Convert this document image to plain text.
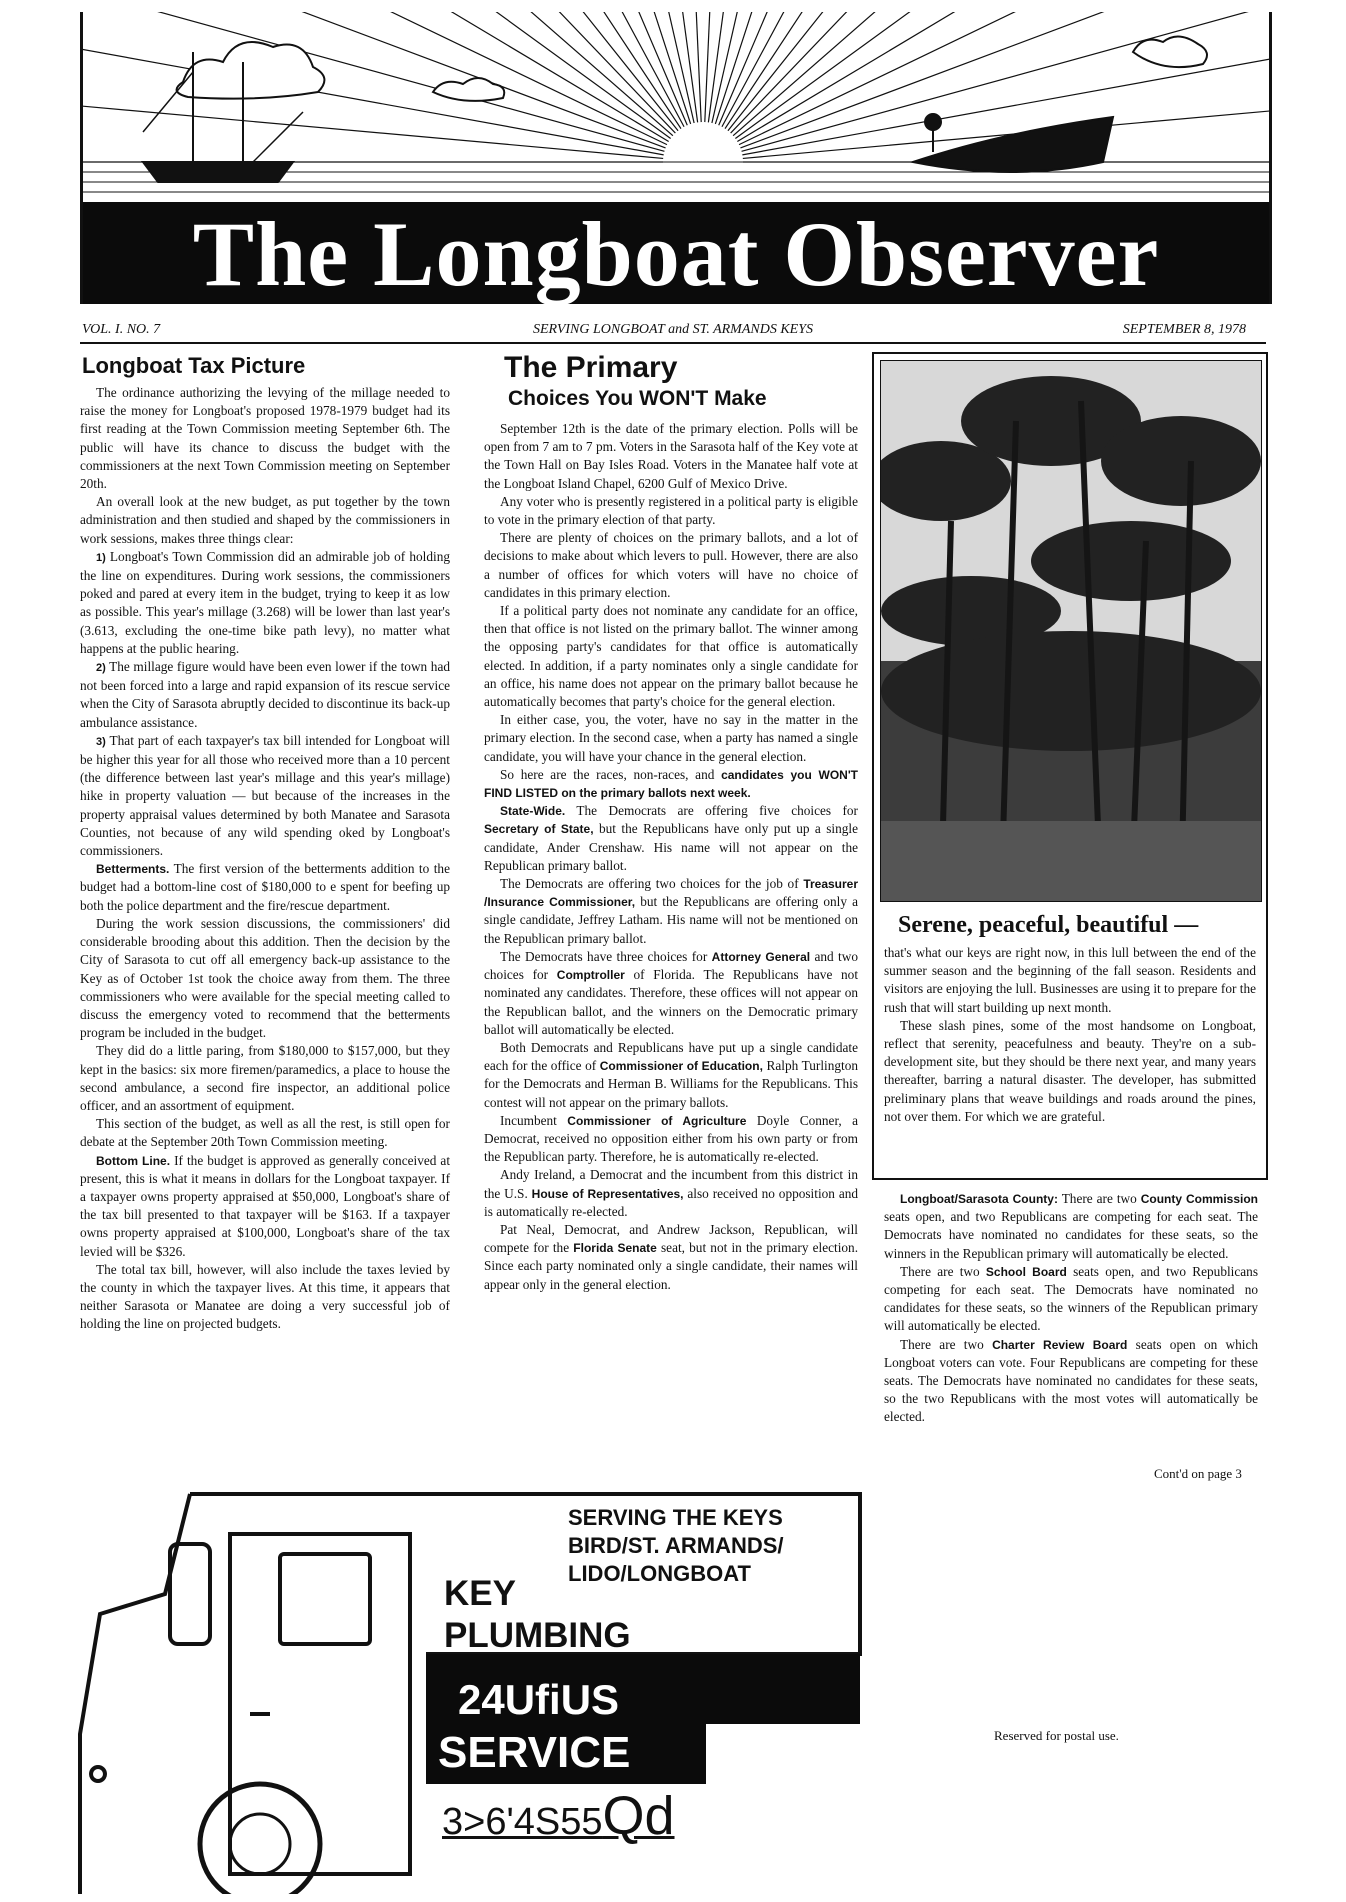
The Longboat Observer
VOL. I. NO. 7	SERVING LONGBOAT and ST. ARMANDS KEYS	SEPTEMBER 8, 1978
Longboat Tax Picture

The ordinance authorizing the levying of the millage needed to raise the money for Longboat's proposed 1978-1979 budget had its first reading at the Town Commission meeting September 6th. The public will have its chance to discuss the budget with the commissioners at the next Town Commission meeting on September 20th.

An overall look at the new budget, as put together by the town administration and then studied and shaped by the commissioners in work sessions, makes three things clear:

1) Longboat's Town Commission did an admirable job of holding the line on expenditures. During work sessions, the commissioners poked and pared at every item in the budget, trying to keep it as low as possible. This year's millage (3.268) will be lower than last year's (3.613, excluding the one-time bike path levy), no matter what happens at the public hearing.

2) The millage figure would have been even lower if the town had not been forced into a large and rapid expansion of its rescue service when the City of Sarasota abruptly decided to discontinue its back-up ambulance assistance.

3) That part of each taxpayer's tax bill intended for Longboat will be higher this year for all those who received more than a 10 percent (the difference between last year's millage and this year's millage) hike in property valuation — but because of the increases in the property appraisal values determined by both Manatee and Sarasota Counties, not because of any wild spending oked by Longboat's commissioners.

Betterments. The first version of the betterments addition to the budget had a bottom-line cost of $180,000 to e spent for beefing up both the police department and the fire/rescue department.

During the work session discussions, the commissioners' did considerable brooding about this addition. Then the decision by the City of Sarasota to cut off all emergency back-up assistance to the Key as of October 1st took the choice away from them. The three commissioners who were available for the special meeting called to discuss the emergency voted to recommend that the betterments program be included in the budget.

They did do a little paring, from $180,000 to $157,000, but they kept in the basics: six more firemen/paramedics, a place to house the second ambulance, a second fire inspector, an additional police officer, and an assortment of equipment.

This section of the budget, as well as all the rest, is still open for debate at the September 20th Town Commission meeting.

Bottom Line. If the budget is approved as generally conceived at present, this is what it means in dollars for the Longboat taxpayer. If a taxpayer owns property appraised at $50,000, Longboat's share of the tax bill presented to that taxpayer will be $163. If a taxpayer owns property appraised at $100,000, Longboat's share of the tax levied will be $326.

The total tax bill, however, will also include the taxes levied by the county in which the taxpayer lives. At this time, it appears that neither Sarasota or Manatee are doing a very successful job of holding the line on projected budgets.

The Primary
Choices You WON'T Make

September 12th is the date of the primary election. Polls will be open from 7 am to 7 pm. Voters in the Sarasota half of the Key vote at the Town Hall on Bay Isles Road. Voters in the Manatee half vote at the Longboat Island Chapel, 6200 Gulf of Mexico Drive.

Any voter who is presently registered in a political party is eligible to vote in the primary election of that party.

There are plenty of choices on the primary ballots, and a lot of decisions to make about which levers to pull. However, there are also a number of offices for which voters will have no choice of candidates in this primary election.

If a political party does not nominate any candidate for an office, then that office is not listed on the primary ballot. The winner among the opposing party's candidates for that office is automatically elected. In addition, if a party nominates only a single candidate for an office, his name does not appear on the primary ballot because he automatically becomes that party's choice for the general election.

In either case, you, the voter, have no say in the matter in the primary election. In the second case, when a party has named a single candidate, you will have your chance in the general election.

So here are the races, non-races, and candidates you WON'T FIND LISTED on the primary ballots next week.

State-Wide. The Democrats are offering five choices for Secretary of State, but the Republicans have only put up a single candidate, Ander Crenshaw. His name will not appear on the Republican primary ballot.

The Democrats are offering two choices for the job of Treasurer /Insurance Commissioner, but the Republicans are offering only a single candidate, Jeffrey Latham. His name will not be mentioned on the Republican primary ballot.

The Democrats have three choices for Attorney General and two choices for Comptroller of Florida. The Republicans have not nominated any candidates. Therefore, these offices will not appear on the Republican ballot, and the winners on the Democratic primary ballot will automatically be elected.

Both Democrats and Republicans have put up a single candidate each for the office of Commissioner of Education, Ralph Turlington for the Democrats and Herman B. Williams for the Republicans. This contest will not appear on the primary ballots.

Incumbent Commissioner of Agriculture Doyle Conner, a Democrat, received no opposition either from his own party or from the Republican party. Therefore, he is automatically re-elected.

Andy Ireland, a Democrat and the incumbent from this district in the U.S. House of Representatives, also received no opposition and is automatically re-elected.

Pat Neal, Democrat, and Andrew Jackson, Republican, will compete for the Florida Senate seat, but not in the primary election. Since each party nominated only a single candidate, their names will appear only in the general election.

Serene, peaceful, beautiful —

that's what our keys are right now, in this lull between the end of the summer season and the beginning of the fall season. Residents and visitors are enjoying the lull. Businesses are using it to prepare for the rush that will start building up next month.

These slash pines, some of the most handsome on Longboat, reflect that serenity, peacefulness and beauty. They're on a sub-development site, but they should be there next year, and many years thereafter, barring a natural disaster. The developer, has submitted preliminary plans that weave buildings and roads around the pines, not over them. For which we are grateful.

Longboat/Sarasota County: There are two County Commission seats open, and two Republicans are competing for each seat. The Democrats have nominated no candidates for these seats, so the winners in the Republican primary will automatically be elected.

There are two School Board seats open, and two Republicans competing for each seat. The Democrats have nominated no candidates for these seats, so the winners of the Republican primary will automatically be elected.

There are two Charter Review Board seats open on which Longboat voters can vote. Four Republicans are competing for these seats. The Democrats have nominated no candidates for these seats, so the two Republicans with the most votes will automatically be elected.

Cont'd on page 3
SERVING THE KEYS
BIRD/ST. ARMANDS/
LIDO/LONGBOAT
KEY
PLUMBING
24UfiUS
SERVICE
3>6'4S55Qd
Reserved for postal use.
